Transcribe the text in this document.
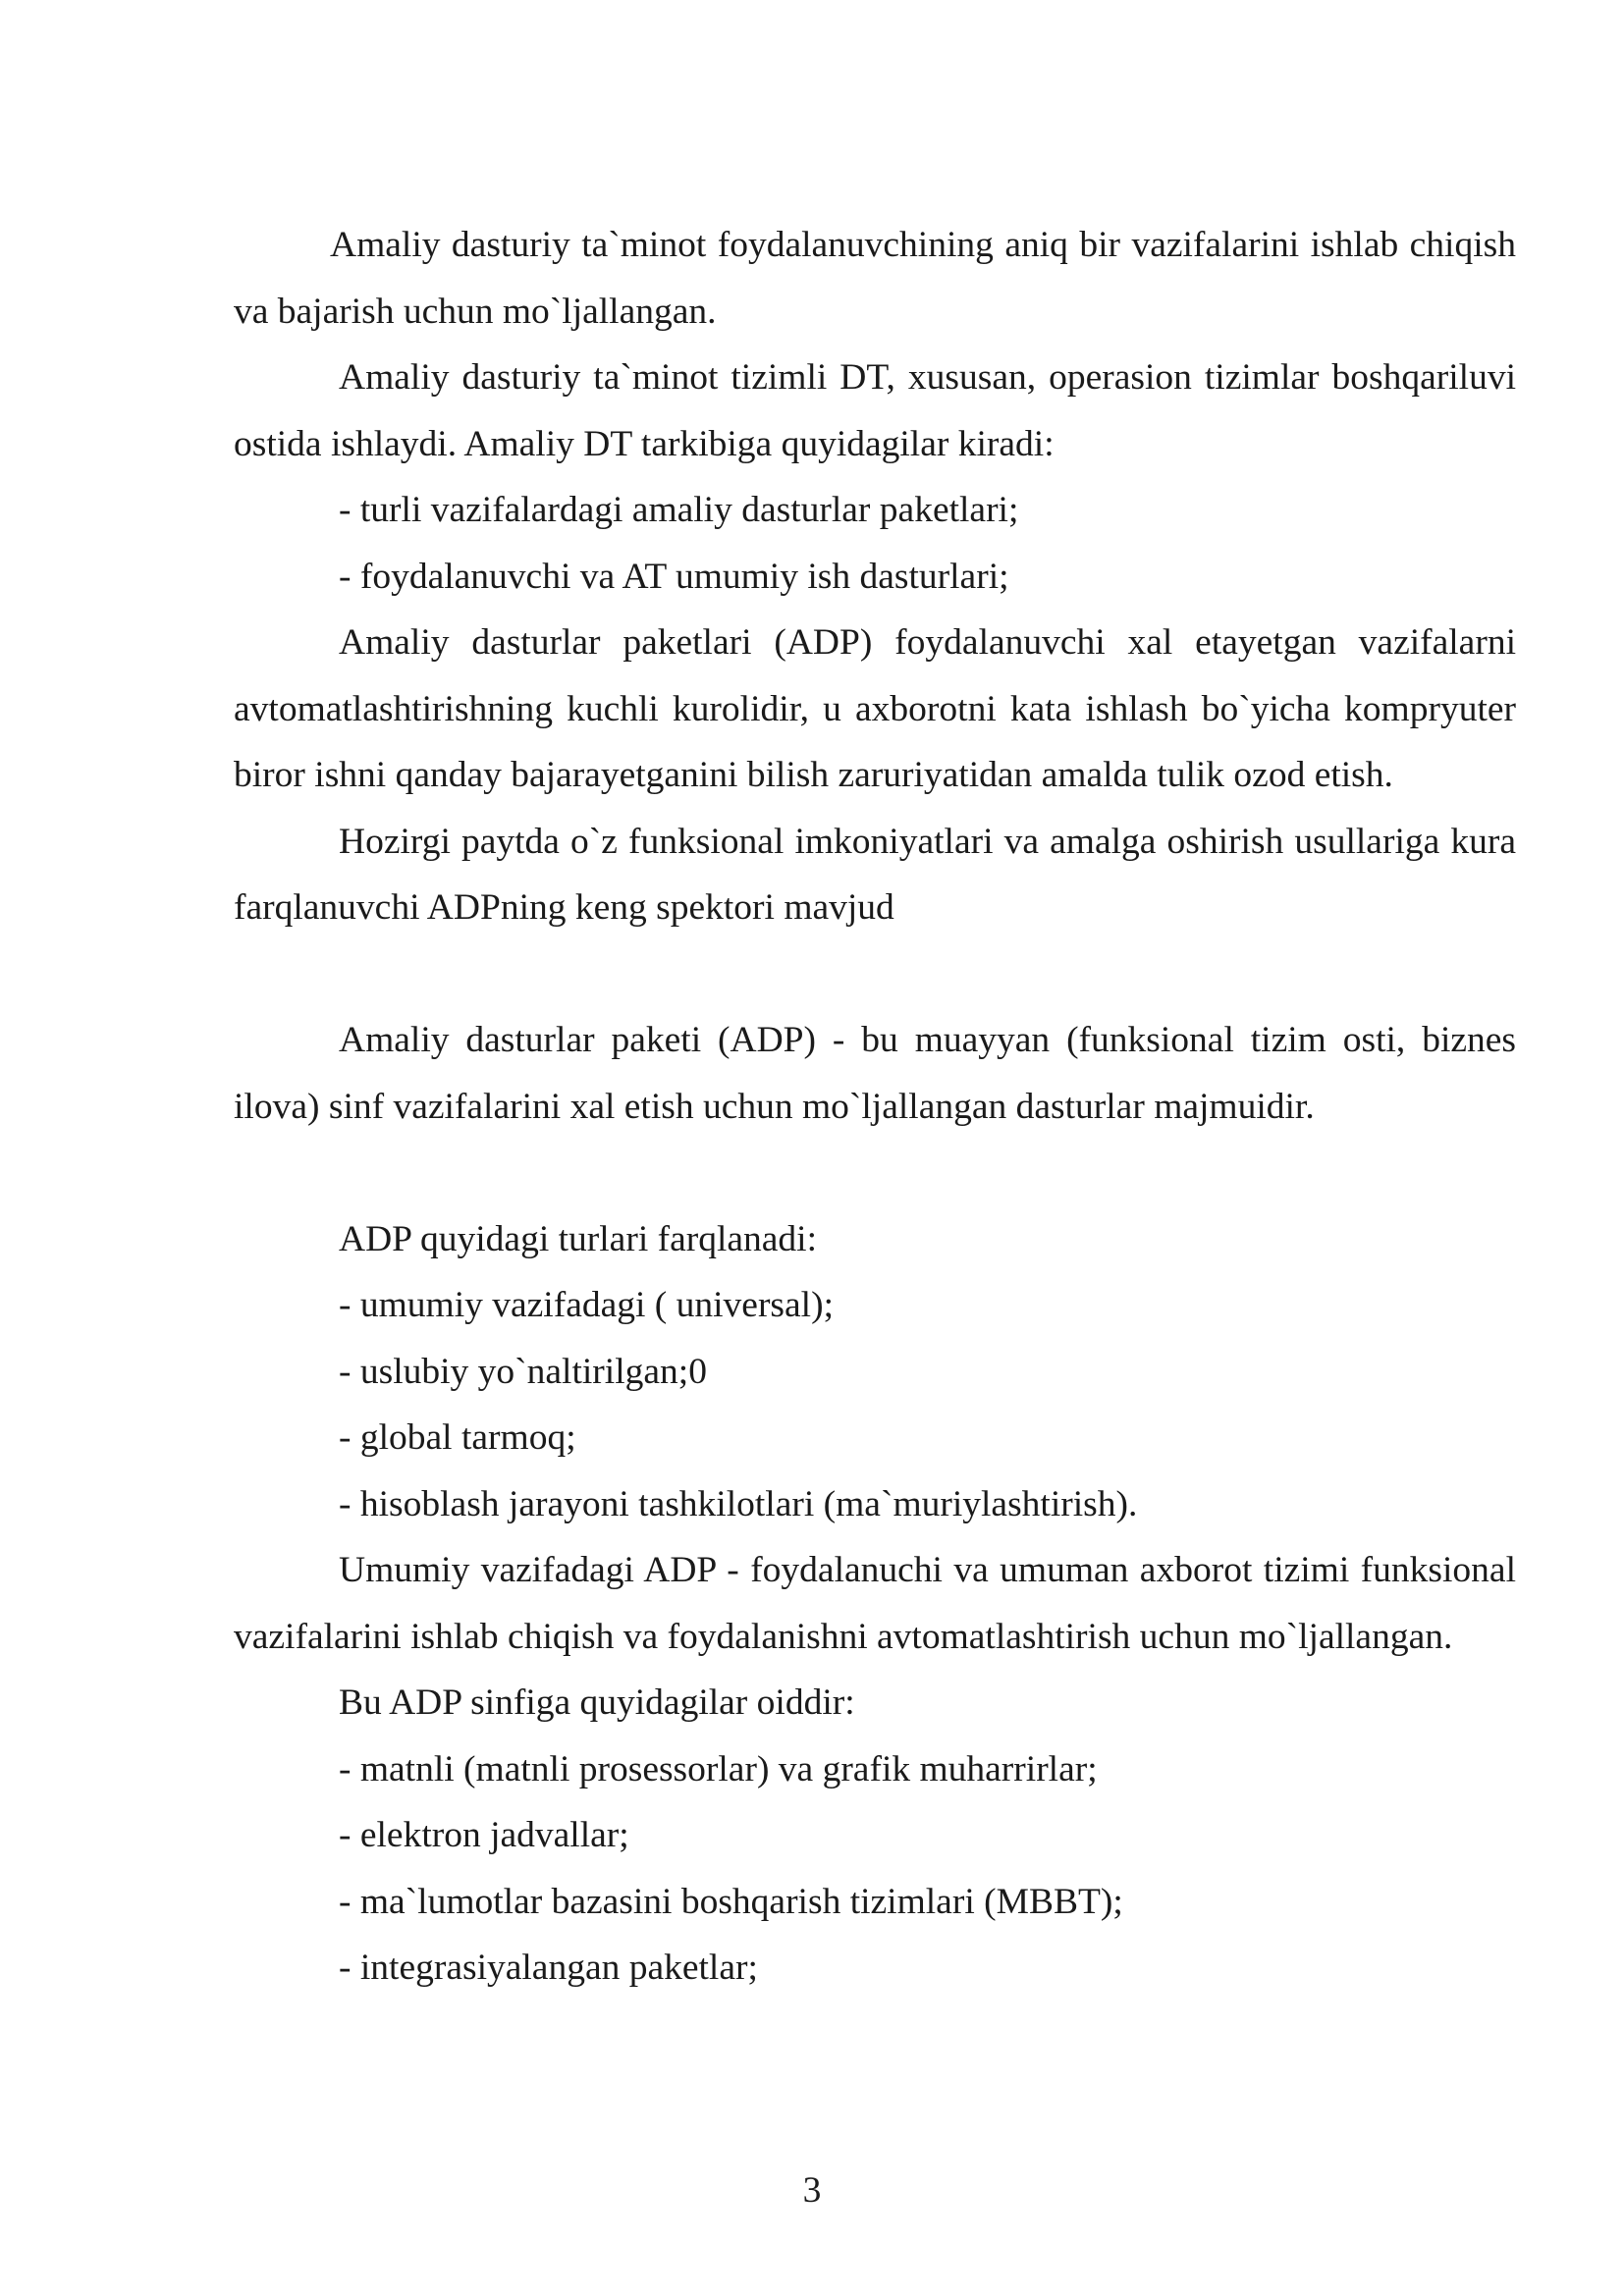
Amaliy dasturiy ta`minot foydalanuvchining aniq bir vazifalarini ishlab chiqish va bajarish uchun mo`ljallangan.

Amaliy dasturiy ta`minot tizimli DT, xususan, operasion tizimlar boshqariluvi ostida ishlaydi. Amaliy DT tarkibiga quyidagilar kiradi:

- turli vazifalardagi amaliy dasturlar paketlari;

- foydalanuvchi va AT umumiy ish dasturlari;

Amaliy dasturlar paketlari (ADP) foydalanuvchi xal etayetgan vazifalarni avtomatlashtirishning kuchli kurolidir, u axborotni kata ishlash bo`yicha kompryuter biror ishni qanday bajarayetganini bilish zaruriyatidan amalda tulik ozod etish.

Hozirgi paytda o`z funksional imkoniyatlari va amalga oshirish usullariga kura farqlanuvchi ADPning keng spektori mavjud

Amaliy dasturlar paketi (ADP) - bu muayyan (funksional tizim osti, biznes ilova) sinf vazifalarini xal etish uchun mo`ljallangan dasturlar majmuidir.

ADP quyidagi turlari farqlanadi:

- umumiy vazifadagi ( universal);

- uslubiy yo`naltirilgan;0

- global tarmoq;

- hisoblash jarayoni tashkilotlari (ma`muriylashtirish).

Umumiy vazifadagi ADP - foydalanuchi va umuman axborot tizimi funksional vazifalarini ishlab chiqish va foydalanishni avtomatlashtirish uchun mo`ljallangan.

Bu ADP sinfiga quyidagilar oiddir:

- matnli (matnli prosessorlar) va grafik muharrirlar;

- elektron jadvallar;

- ma`lumotlar bazasini boshqarish tizimlari (MBBT);

- integrasiyalangan paketlar;

3
